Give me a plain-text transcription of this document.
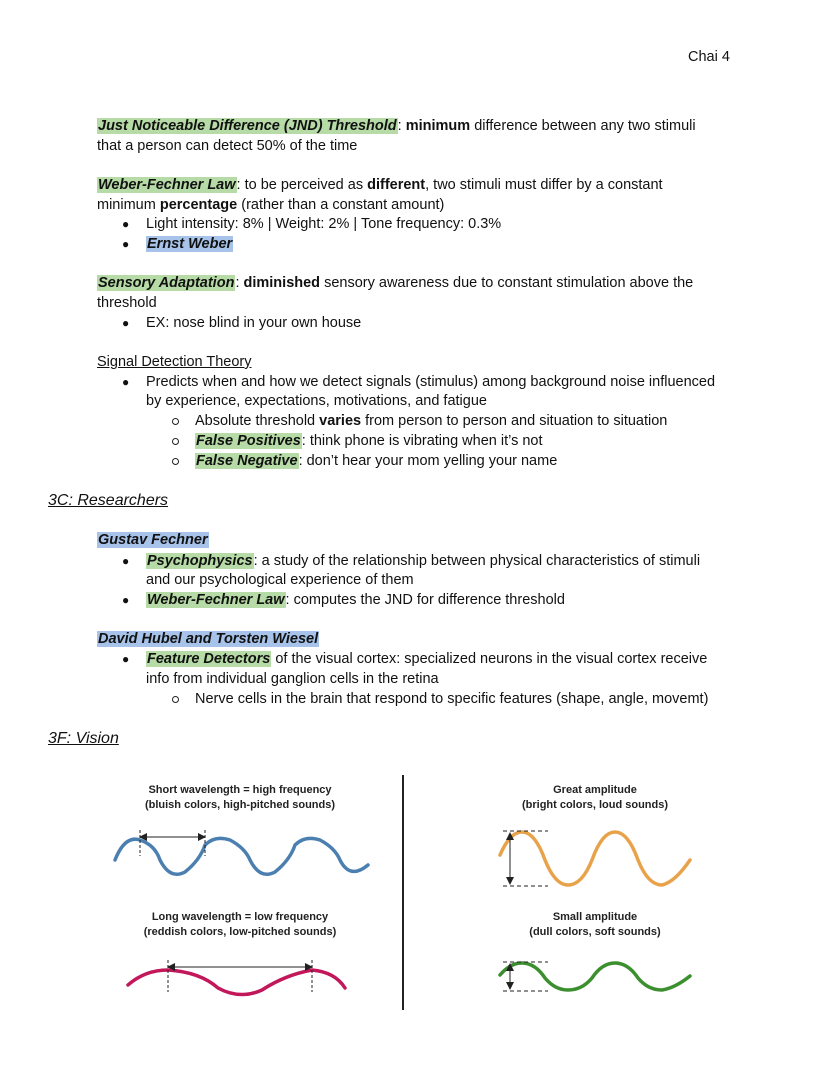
Chai 4
Just Noticeable Difference (JND) Threshold: minimum difference between any two stimuli
that a person can detect 50% of the time
Weber-Fechner Law: to be perceived as different, two stimuli must differ by a constant
minimum percentage (rather than a constant amount)
● Light intensity: 8% | Weight: 2% | Tone frequency: 0.3%
● Ernst Weber
Sensory Adaptation: diminished sensory awareness due to constant stimulation above the
threshold
● EX: nose blind in your own house
Signal Detection Theory
● Predicts when and how we detect signals (stimulus) among background noise influenced
by experience, expectations, motivations, and fatigue
Absolute threshold varies from person to person and situation to situation
False Positives: think phone is vibrating when it’s not
False Negative: don’t hear your mom yelling your name
3C: Researchers
Gustav Fechner
● Psychophysics: a study of the relationship between physical characteristics of stimuli
and our psychological experience of them
● Weber-Fechner Law: computes the JND for difference threshold
David Hubel and Torsten Wiesel
● Feature Detectors of the visual cortex: specialized neurons in the visual cortex receive
info from individual ganglion cells in the retina
Nerve cells in the brain that respond to specific features (shape, angle, movemt)
3F: Vision
Short wavelength = high frequency
(bluish colors, high-pitched sounds)
Long wavelength = low frequency
(reddish colors, low-pitched sounds)
Great amplitude
(bright colors, loud sounds)
Small amplitude
(dull colors, soft sounds)
